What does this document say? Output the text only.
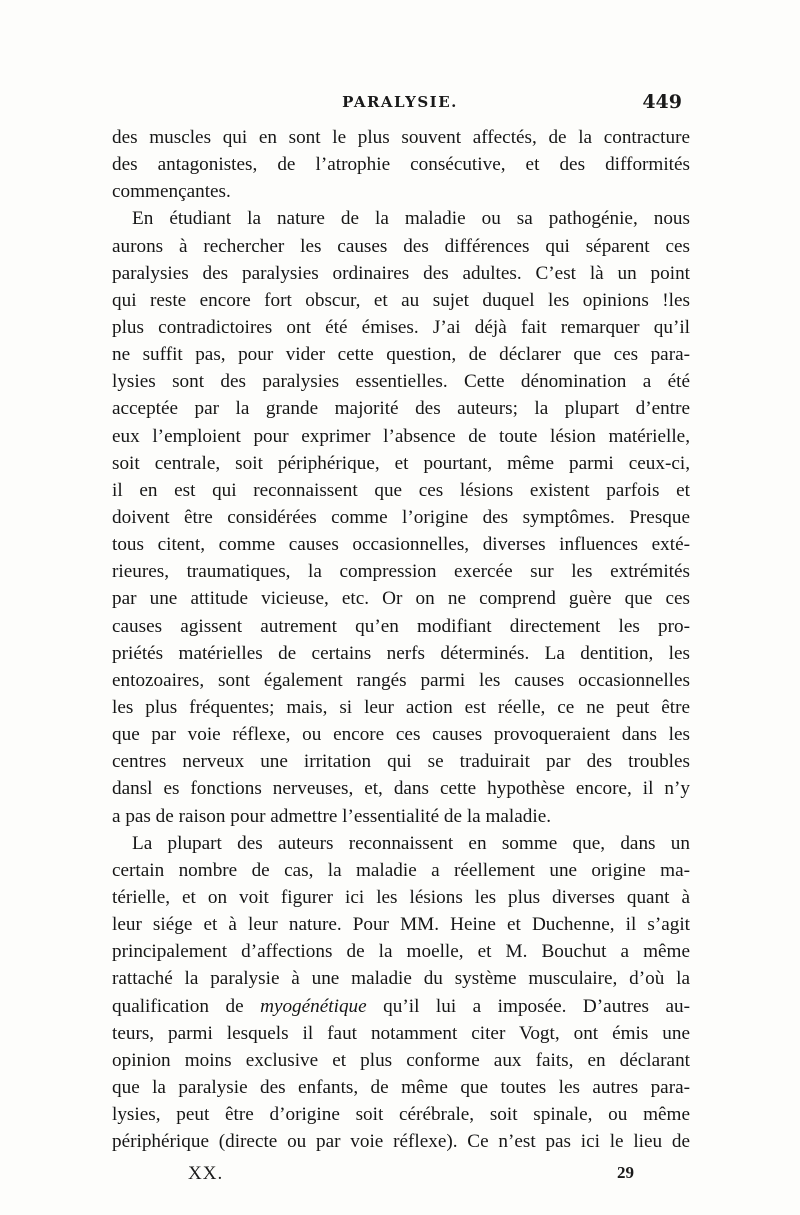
PARALYSIE.	449
des muscles qui en sont le plus souvent affectés, de la contracture
des antagonistes, de l’atrophie consécutive, et des difformités
commençantes.
En étudiant la nature de la maladie ou sa pathogénie, nous
aurons à rechercher les causes des différences qui séparent ces
paralysies des paralysies ordinaires des adultes. C’est là un point
qui reste encore fort obscur, et au sujet duquel les opinions !les
plus contradictoires ont été émises. J’ai déjà fait remarquer qu’il
ne suffit pas, pour vider cette question, de déclarer que ces para-
lysies sont des paralysies essentielles. Cette dénomination a été
acceptée par la grande majorité des auteurs; la plupart d’entre
eux l’emploient pour exprimer l’absence de toute lésion matérielle,
soit centrale, soit périphérique, et pourtant, même parmi ceux-ci,
il en est qui reconnaissent que ces lésions existent parfois et
doivent être considérées comme l’origine des symptômes. Presque
tous citent, comme causes occasionnelles, diverses influences exté-
rieures, traumatiques, la compression exercée sur les extrémités
par une attitude vicieuse, etc. Or on ne comprend guère que ces
causes agissent autrement qu’en modifiant directement les pro-
priétés matérielles de certains nerfs déterminés. La dentition, les
entozoaires, sont également rangés parmi les causes occasionnelles
les plus fréquentes; mais, si leur action est réelle, ce ne peut être
que par voie réflexe, ou encore ces causes provoqueraient dans les
centres nerveux une irritation qui se traduirait par des troubles
dansl es fonctions nerveuses, et, dans cette hypothèse encore, il n’y
a pas de raison pour admettre l’essentialité de la maladie.
La plupart des auteurs reconnaissent en somme que, dans un
certain nombre de cas, la maladie a réellement une origine ma-
térielle, et on voit figurer ici les lésions les plus diverses quant à
leur siége et à leur nature. Pour MM. Heine et Duchenne, il s’agit
principalement d’affections de la moelle, et M. Bouchut a même
rattaché la paralysie à une maladie du système musculaire, d’où la
qualification de myogénétique qu’il lui a imposée. D’autres au-
teurs, parmi lesquels il faut notamment citer Vogt, ont émis une
opinion moins exclusive et plus conforme aux faits, en déclarant
que la paralysie des enfants, de même que toutes les autres para-
lysies, peut être d’origine soit cérébrale, soit spinale, ou même
périphérique (directe ou par voie réflexe). Ce n’est pas ici le lieu de
XX.	29
